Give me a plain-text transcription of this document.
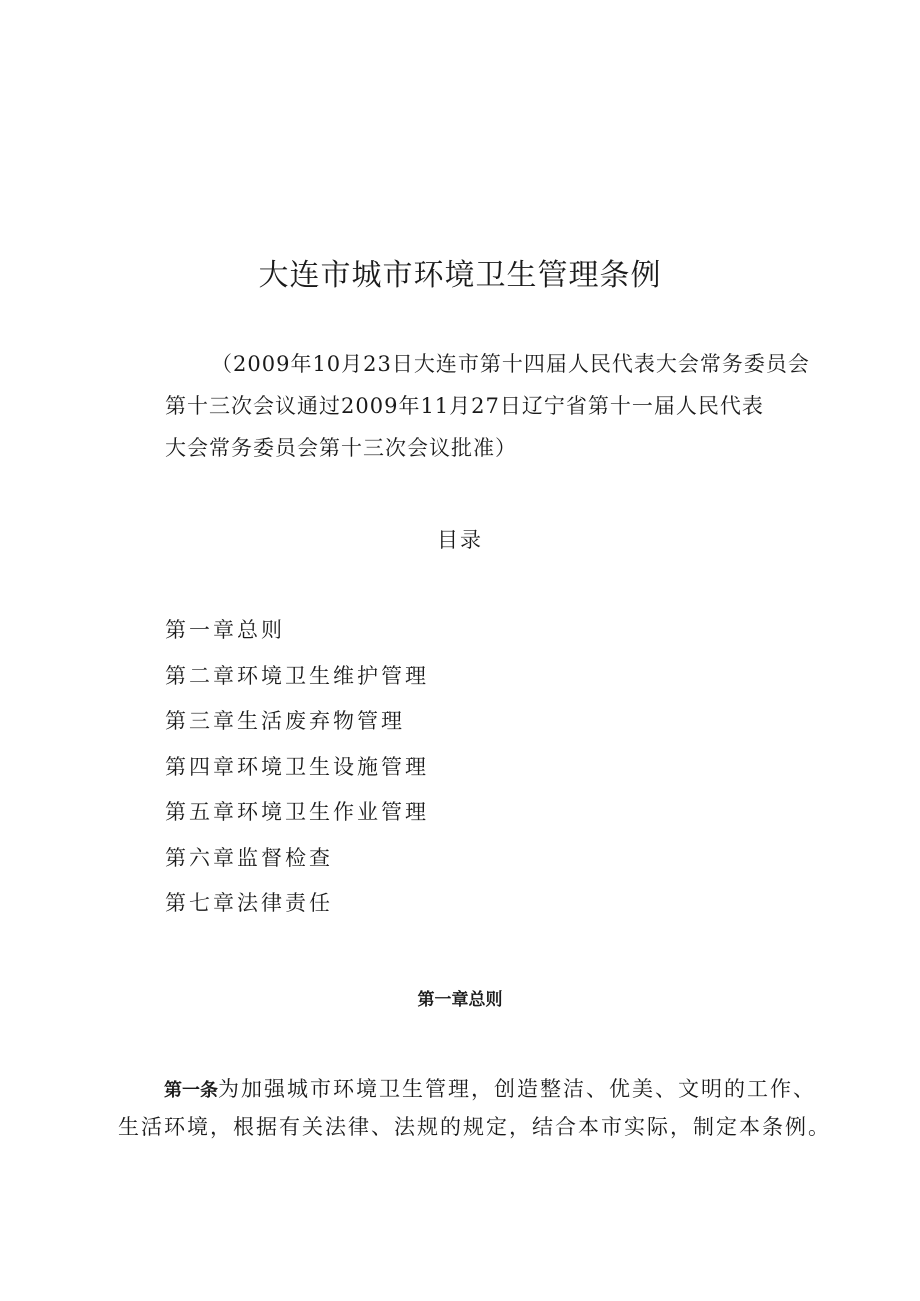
大连市城市环境卫生管理条例
（2009年10月23日大连市第十四届人民代表大会常务委员会
第十三次会议通过2009年11月27日辽宁省第十一届人民代表
大会常务委员会第十三次会议批准）
目录
第一章总则
第二章环境卫生维护管理
第三章生活废弃物管理
第四章环境卫生设施管理
第五章环境卫生作业管理
第六章监督检查
第七章法律责任
第一章总则
第一条为加强城市环境卫生管理，创造整洁、优美、文明的工作、
生活环境，根据有关法律、法规的规定，结合本市实际，制定本条例。
